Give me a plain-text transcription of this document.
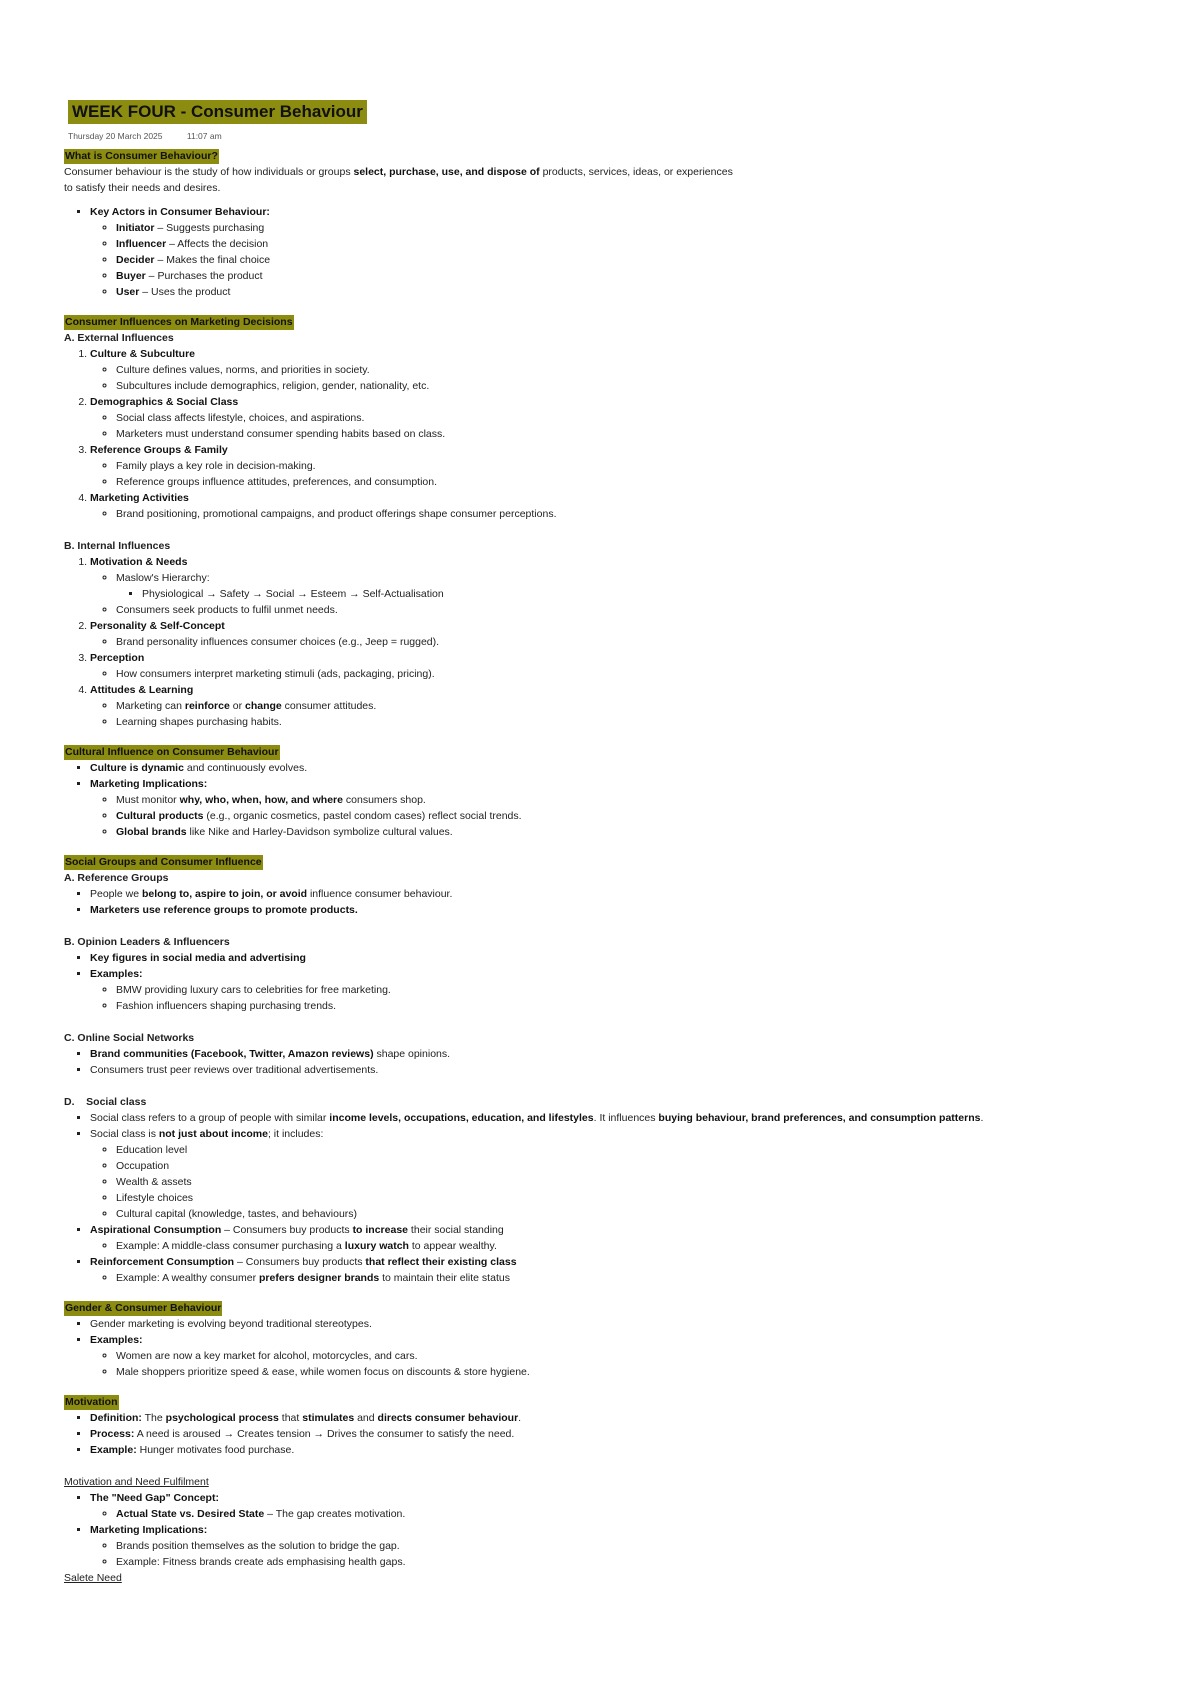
WEEK FOUR - Consumer Behaviour
Thursday 20 March 2025	11:07 am
What is Consumer Behaviour?

Consumer behaviour is the study of how individuals or groups select, purchase, use, and dispose of products, services, ideas, or experiences

to satisfy their needs and desires.

▪ Key Actors in Consumer Behaviour:
◦ Initiator – Suggests purchasing
◦ Influencer – Affects the decision
◦ Decider – Makes the final choice
◦ Buyer – Purchases the product
◦ User – Uses the product
Consumer Influences on Marketing Decisions

A. External Influences

1. Culture & Subculture
◦ Culture defines values, norms, and priorities in society.
◦ Subcultures include demographics, religion, gender, nationality, etc.
2. Demographics & Social Class
◦ Social class affects lifestyle, choices, and aspirations.
◦ Marketers must understand consumer spending habits based on class.
3. Reference Groups & Family
◦ Family plays a key role in decision-making.
◦ Reference groups influence attitudes, preferences, and consumption.
4. Marketing Activities
◦ Brand positioning, promotional campaigns, and product offerings shape consumer perceptions.

B. Internal Influences

1. Motivation & Needs
◦ Maslow's Hierarchy:
▪ Physiological → Safety → Social → Esteem → Self-Actualisation
◦ Consumers seek products to fulfil unmet needs.
2. Personality & Self-Concept
◦ Brand personality influences consumer choices (e.g., Jeep = rugged).
3. Perception
◦ How consumers interpret marketing stimuli (ads, packaging, pricing).
4. Attitudes & Learning
◦ Marketing can reinforce or change consumer attitudes.
◦ Learning shapes purchasing habits.
Cultural Influence on Consumer Behaviour
▪ Culture is dynamic and continuously evolves.
▪ Marketing Implications:
◦ Must monitor why, who, when, how, and where consumers shop.
◦ Cultural products (e.g., organic cosmetics, pastel condom cases) reflect social trends.
◦ Global brands like Nike and Harley-Davidson symbolize cultural values.
Social Groups and Consumer Influence

A. Reference Groups

▪ People we belong to, aspire to join, or avoid influence consumer behaviour.
▪ Marketers use reference groups to promote products.

B. Opinion Leaders & Influencers

▪ Key figures in social media and advertising
▪ Examples:
◦ BMW providing luxury cars to celebrities for free marketing.
◦ Fashion influencers shaping purchasing trends.

C. Online Social Networks

▪ Brand communities (Facebook, Twitter, Amazon reviews) shape opinions.
▪ Consumers trust peer reviews over traditional advertisements.

D. Social class

▪ Social class refers to a group of people with similar income levels, occupations, education, and lifestyles. It influences buying behaviour, brand preferences, and consumption patterns.
▪ Social class is not just about income; it includes:
◦ Education level
◦ Occupation
◦ Wealth & assets
◦ Lifestyle choices
◦ Cultural capital (knowledge, tastes, and behaviours)
▪ Aspirational Consumption – Consumers buy products to increase their social standing
◦ Example: A middle-class consumer purchasing a luxury watch to appear wealthy.
▪ Reinforcement Consumption – Consumers buy products that reflect their existing class
◦ Example: A wealthy consumer prefers designer brands to maintain their elite status
Gender & Consumer Behaviour
▪ Gender marketing is evolving beyond traditional stereotypes.
▪ Examples:
◦ Women are now a key market for alcohol, motorcycles, and cars.
◦ Male shoppers prioritize speed & ease, while women focus on discounts & store hygiene.
Motivation
▪ Definition: The psychological process that stimulates and directs consumer behaviour.
▪ Process: A need is aroused → Creates tension → Drives the consumer to satisfy the need.
▪ Example: Hunger motivates food purchase.

Motivation and Need Fulfilment

▪ The "Need Gap" Concept:
◦ Actual State vs. Desired State – The gap creates motivation.
▪ Marketing Implications:
◦ Brands position themselves as the solution to bridge the gap.
◦ Example: Fitness brands create ads emphasising health gaps.

Salete Need
